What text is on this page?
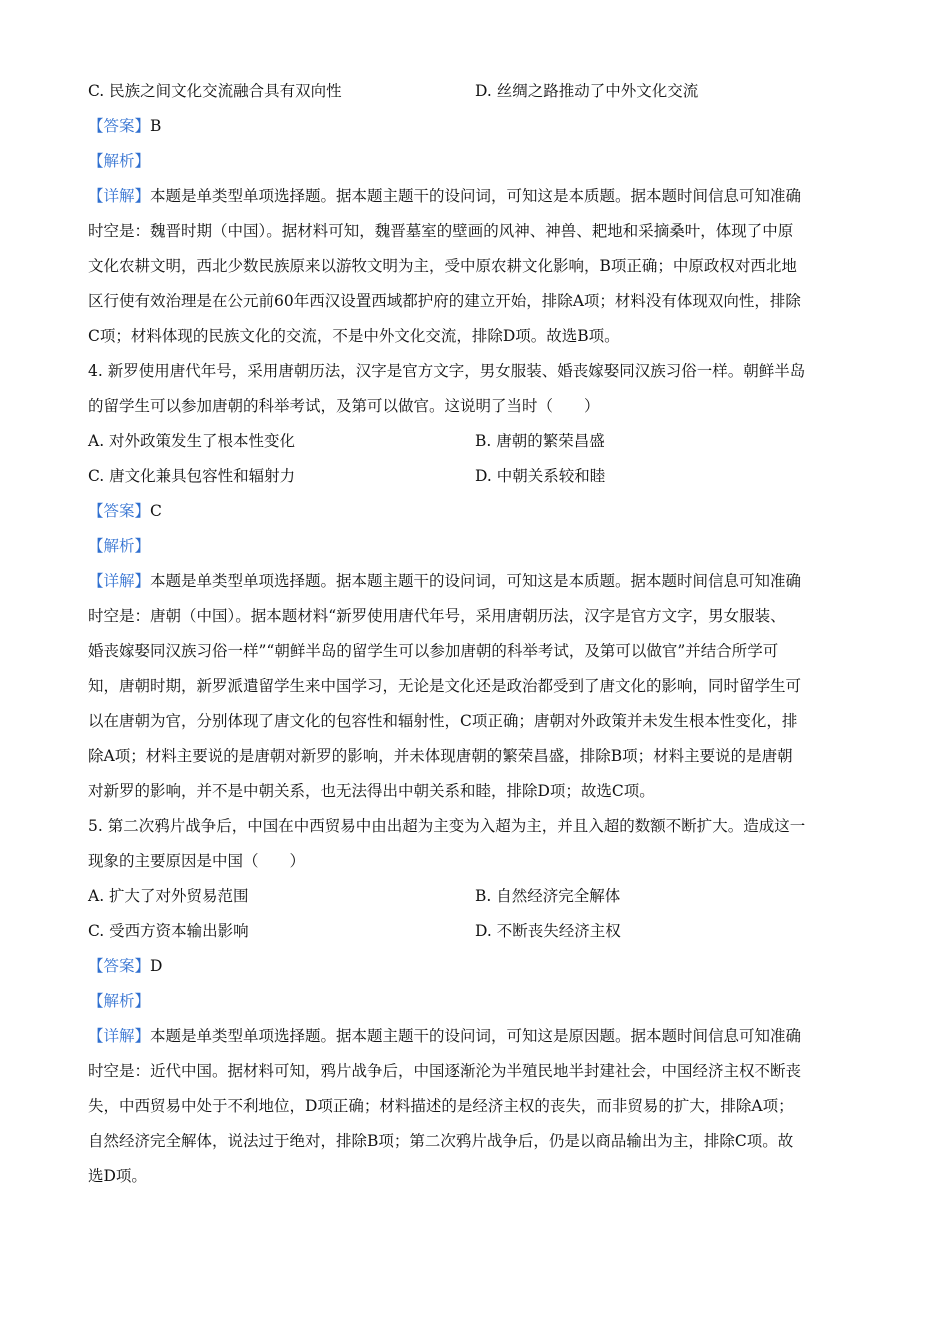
C. 民族之间文化交流融合具有双向性	D. 丝绸之路推动了中外文化交流
【答案】B
【解析】
【详解】本题是单类型单项选择题。据本题主题干的设问词，可知这是本质题。据本题时间信息可知准确
时空是：魏晋时期（中国）。据材料可知，魏晋墓室的壁画的风神、神兽、耙地和采摘桑叶，体现了中原
文化农耕文明，西北少数民族原来以游牧文明为主，受中原农耕文化影响，B项正确；中原政权对西北地
区行使有效治理是在公元前60年西汉设置西域都护府的建立开始，排除A项；材料没有体现双向性，排除
C项；材料体现的民族文化的交流，不是中外文化交流，排除D项。故选B项。
4. 新罗使用唐代年号，采用唐朝历法，汉字是官方文字，男女服装、婚丧嫁娶同汉族习俗一样。朝鲜半岛
的留学生可以参加唐朝的科举考试，及第可以做官。这说明了当时（　　）
A. 对外政策发生了根本性变化	B. 唐朝的繁荣昌盛
C. 唐文化兼具包容性和辐射力	D. 中朝关系较和睦
【答案】C
【解析】
【详解】本题是单类型单项选择题。据本题主题干的设问词，可知这是本质题。据本题时间信息可知准确
时空是：唐朝（中国）。据本题材料“新罗使用唐代年号，采用唐朝历法，汉字是官方文字，男女服装、
婚丧嫁娶同汉族习俗一样”“朝鲜半岛的留学生可以参加唐朝的科举考试，及第可以做官”并结合所学可
知，唐朝时期，新罗派遣留学生来中国学习，无论是文化还是政治都受到了唐文化的影响，同时留学生可
以在唐朝为官，分别体现了唐文化的包容性和辐射性，C项正确；唐朝对外政策并未发生根本性变化，排
除A项；材料主要说的是唐朝对新罗的影响，并未体现唐朝的繁荣昌盛，排除B项；材料主要说的是唐朝
对新罗的影响，并不是中朝关系，也无法得出中朝关系和睦，排除D项；故选C项。
5. 第二次鸦片战争后，中国在中西贸易中由出超为主变为入超为主，并且入超的数额不断扩大。造成这一
现象的主要原因是中国（　　）
A. 扩大了对外贸易范围	B. 自然经济完全解体
C. 受西方资本输出影响	D. 不断丧失经济主权
【答案】D
【解析】
【详解】本题是单类型单项选择题。据本题主题干的设问词，可知这是原因题。据本题时间信息可知准确
时空是：近代中国。据材料可知，鸦片战争后，中国逐渐沦为半殖民地半封建社会，中国经济主权不断丧
失，中西贸易中处于不利地位，D项正确；材料描述的是经济主权的丧失，而非贸易的扩大，排除A项；
自然经济完全解体，说法过于绝对，排除B项；第二次鸦片战争后，仍是以商品输出为主，排除C项。故
选D项。
